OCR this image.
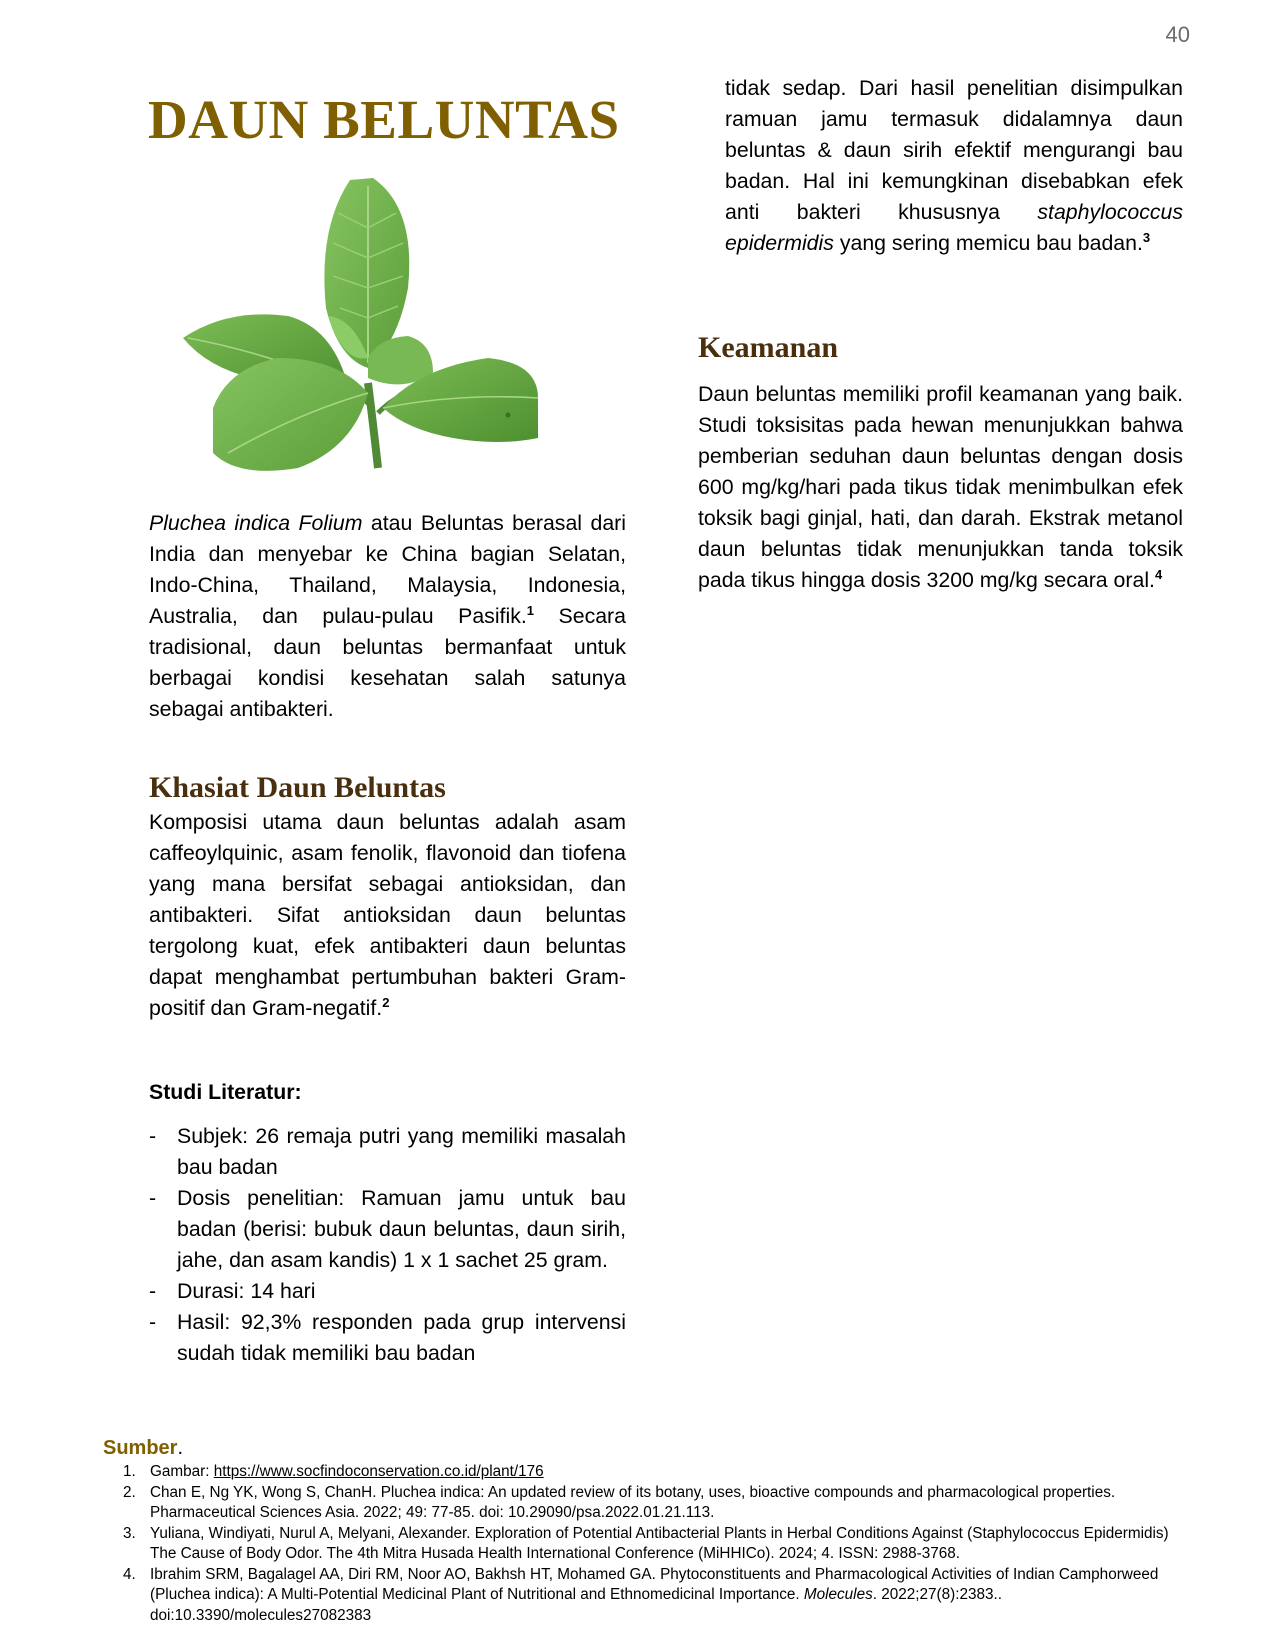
40
DAUN BELUNTAS

Pluchea indica Folium atau Beluntas berasal dari India dan menyebar ke China bagian Selatan, Indo-China, Thailand, Malaysia, Indonesia, Australia, dan pulau-pulau Pasifik.$^1$ Secara tradisional, daun beluntas bermanfaat untuk berbagai kondisi kesehatan salah satunya sebagai antibakteri.

Khasiat Daun Beluntas

Komposisi utama daun beluntas adalah asam caffeoylquinic, asam fenolik, flavonoid dan tiofena yang mana bersifat sebagai antioksidan, dan antibakteri. Sifat antioksidan daun beluntas tergolong kuat, efek antibakteri daun beluntas dapat menghambat pertumbuhan bakteri Gram-positif dan Gram-negatif.$^2$

Studi Literatur:
- Subjek: 26 remaja putri yang memiliki masalah bau badan
- Dosis penelitian: Ramuan jamu untuk bau badan (berisi: bubuk daun beluntas, daun sirih, jahe, dan asam kandis) 1 x 1 sachet 25 gram.
- Durasi: 14 hari
- Hasil: 92,3% responden pada grup intervensi sudah tidak memiliki bau badan

tidak sedap. Dari hasil penelitian disimpulkan ramuan jamu termasuk didalamnya daun beluntas & daun sirih efektif mengurangi bau badan. Hal ini kemungkinan disebabkan efek anti bakteri khususnya staphylococcus epidermidis yang sering memicu bau badan.$^3$

Keamanan

Daun beluntas memiliki profil keamanan yang baik. Studi toksisitas pada hewan menunjukkan bahwa pemberian seduhan daun beluntas dengan dosis 600 mg/kg/hari pada tikus tidak menimbulkan efek toksik bagi ginjal, hati, dan darah. Ekstrak metanol daun beluntas tidak menunjukkan tanda toksik pada tikus hingga dosis 3200 mg/kg secara oral.$^4$

Sumber.
1. Gambar: https://www.socfindoconservation.co.id/plant/176
2. Chan E, Ng YK, Wong S, ChanH. Pluchea indica: An updated review of its botany, uses, bioactive compounds and pharmacological properties. Pharmaceutical Sciences Asia. 2022; 49: 77-85. doi: 10.29090/psa.2022.01.21.113.
3. Yuliana, Windiyati, Nurul A, Melyani, Alexander. Exploration of Potential Antibacterial Plants in Herbal Conditions Against (Staphylococcus Epidermidis) The Cause of Body Odor. The 4th Mitra Husada Health International Conference (MiHHICo). 2024; 4. ISSN: 2988-3768.
4. Ibrahim SRM, Bagalagel AA, Diri RM, Noor AO, Bakhsh HT, Mohamed GA. Phytoconstituents and Pharmacological Activities of Indian Camphorweed (Pluchea indica): A Multi-Potential Medicinal Plant of Nutritional and Ethnomedicinal Importance. Molecules. 2022;27(8):2383.. doi:10.3390/molecules27082383
